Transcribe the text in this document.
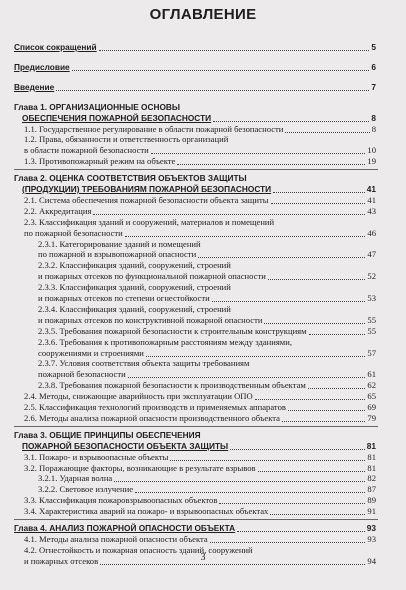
ОГЛАВЛЕНИЕ
Список сокращений	5
Предисловие	6
Введение	7
Глава 1. ОРГАНИЗАЦИОННЫЕ ОСНОВЫ
ОБЕСПЕЧЕНИЯ ПОЖАРНОЙ БЕЗОПАСНОСТИ	8
1.1. Государственное регулирование в области пожарной безопасности	8
1.2. Права, обязанности и ответственность организаций
в области пожарной безопасности	10
1.3. Противопожарный режим на объекте	19
Глава 2. ОЦЕНКА СООТВЕТСТВИЯ ОБЪЕКТОВ ЗАЩИТЫ
(ПРОДУКЦИИ) ТРЕБОВАНИЯМ ПОЖАРНОЙ БЕЗОПАСНОСТИ	41
2.1. Система обеспечения пожарной безопасности объекта защиты	41
2.2. Аккредитация	43
2.3. Классификация зданий и сооружений, материалов и помещений
по пожарной безопасности	46
2.3.1. Категорирование зданий и помещений
по пожарной и взрывопожарной опасности	47
2.3.2. Классификация зданий, сооружений, строений
и пожарных отсеков по функциональной пожарной опасности	52
2.3.3. Классификация зданий, сооружений, строений
и пожарных отсеков по степени огнестойкости	53
2.3.4. Классификация зданий, сооружений, строений
и пожарных отсеков по конструктивной пожарной опасности	55
2.3.5. Требования пожарной безопасности к строительным конструкциям	55
2.3.6. Требования к противопожарным расстояниям между зданиями,
сооружениями и строениями	57
2.3.7. Условия соответствия объекта защиты требованиям
пожарной безопасности	61
2.3.8. Требования пожарной безопасности к производственным объектам	62
2.4. Методы, снижающие аварийность при эксплуатации ОПО	65
2.5. Классификация технологий производств и применяемых аппаратов	69
2.6. Методы анализа пожарной опасности производственного объекта	79
Глава 3. ОБЩИЕ ПРИНЦИПЫ ОБЕСПЕЧЕНИЯ
ПОЖАРНОЙ БЕЗОПАСНОСТИ ОБЪЕКТА ЗАЩИТЫ	81
3.1. Пожаро- и взрывоопасные объекты	81
3.2. Поражающие факторы, возникающие в результате взрывов	81
3.2.1. Ударная волна	82
3.2.2. Световое излучение	87
3.3. Классификация пожаровзрывоопасных объектов	89
3.4. Характеристика аварий на пожаро- и взрывоопасных объектах	91
Глава 4. АНАЛИЗ ПОЖАРНОЙ ОПАСНОСТИ ОБЪЕКТА	93
4.1. Методы анализа пожарной опасности объекта	93
4.2. Огнестойкость и пожарная опасность зданий, сооружений
и пожарных отсеков	94
3
